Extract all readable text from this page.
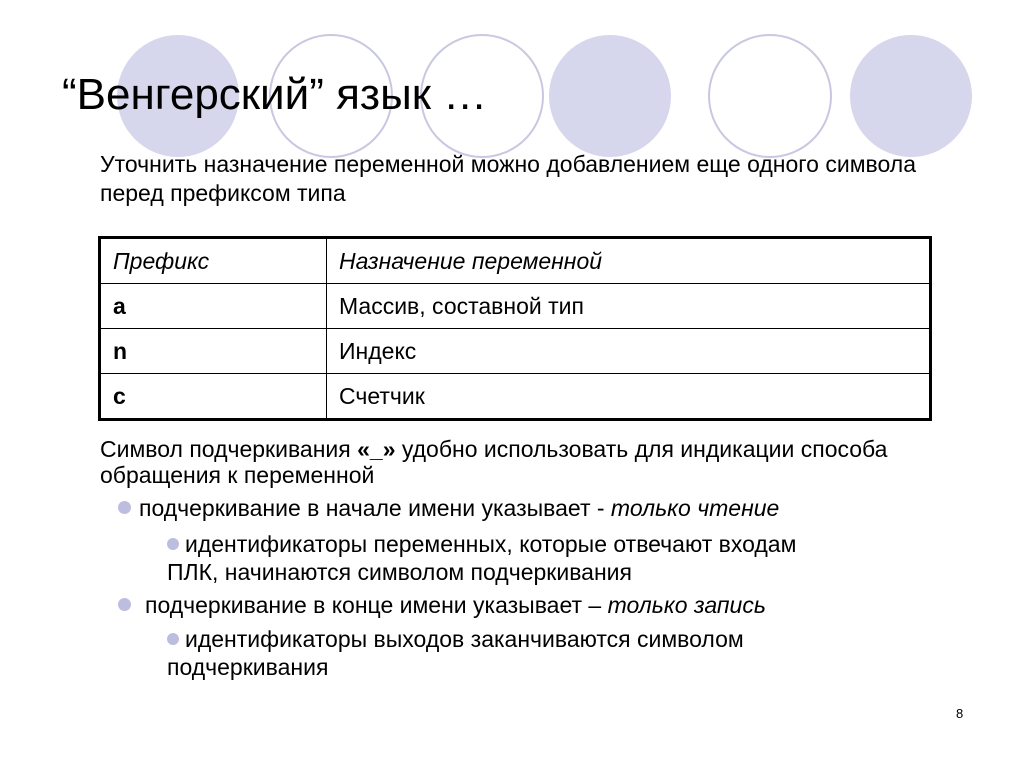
“Венгерский” язык …
Уточнить назначение переменной можно добавлением еще одного символа перед префиксом типа
Префикс	Назначение переменной
a	Массив, составной тип
n	Индекс
c	Счетчик
Символ подчеркивания «_» удобно использовать для индикации способа обращения к переменной
подчеркивание в начале имени указывает - только чтение
идентификаторы переменных, которые отвечают входам
ПЛК, начинаются символом подчеркивания
подчеркивание в конце имени указывает – только запись
идентификаторы выходов заканчиваются символом
подчеркивания
8
